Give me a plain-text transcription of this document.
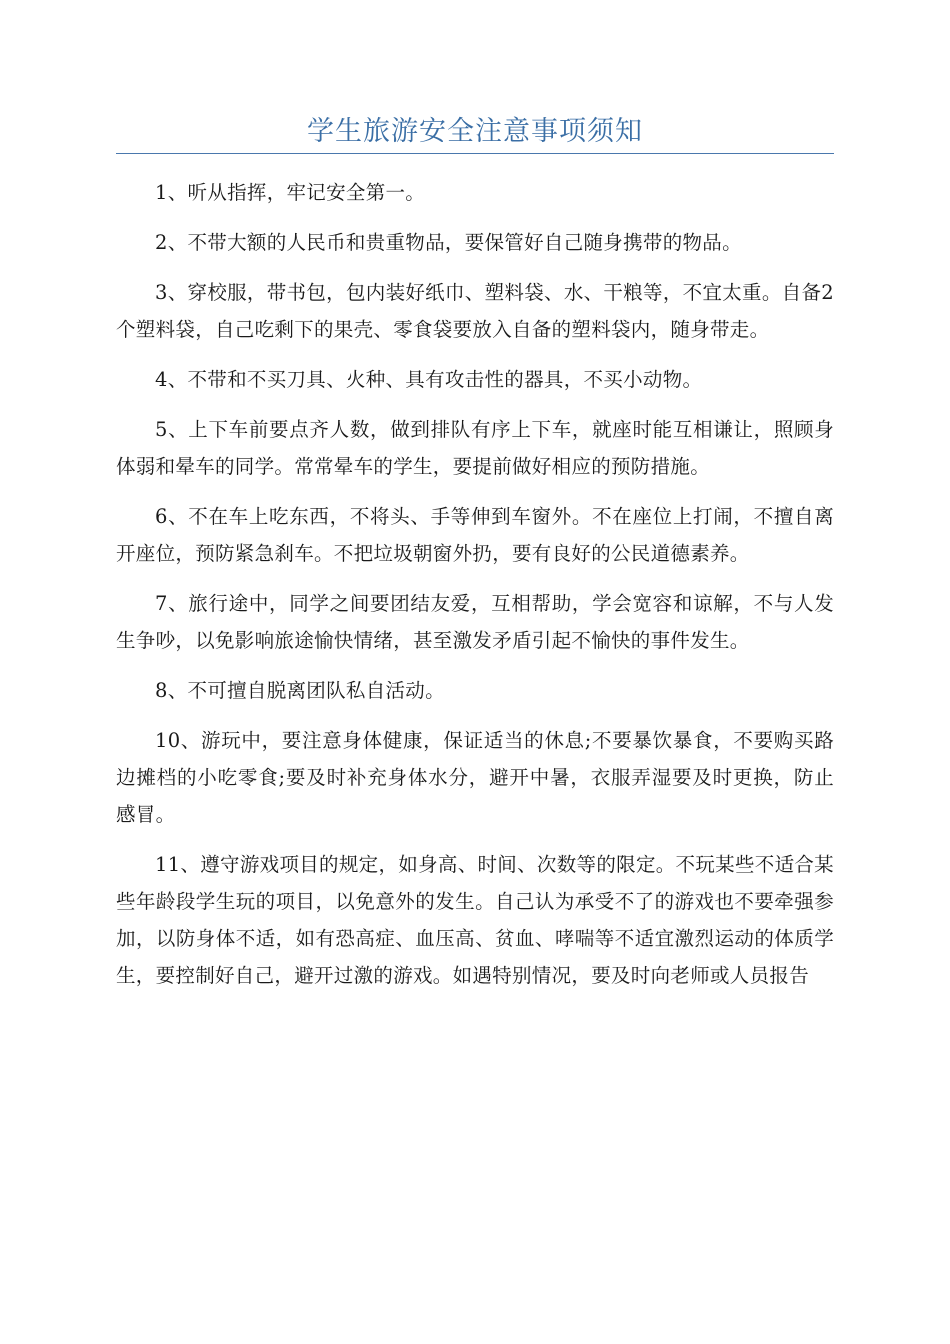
学生旅游安全注意事项须知

1、听从指挥，牢记安全第一。

2、不带大额的人民币和贵重物品，要保管好自己随身携带的物品。

3、穿校服，带书包，包内装好纸巾、塑料袋、水、干粮等，不宜太重。自备2个塑料袋，自己吃剩下的果壳、零食袋要放入自备的塑料袋内，随身带走。

4、不带和不买刀具、火种、具有攻击性的器具，不买小动物。

5、上下车前要点齐人数，做到排队有序上下车，就座时能互相谦让，照顾身体弱和晕车的同学。常常晕车的学生，要提前做好相应的预防措施。

6、不在车上吃东西，不将头、手等伸到车窗外。不在座位上打闹，不擅自离开座位，预防紧急刹车。不把垃圾朝窗外扔，要有良好的公民道德素养。

7、旅行途中，同学之间要团结友爱，互相帮助，学会宽容和谅解，不与人发生争吵，以免影响旅途愉快情绪，甚至激发矛盾引起不愉快的事件发生。

8、不可擅自脱离团队私自活动。

10、游玩中，要注意身体健康，保证适当的休息;不要暴饮暴食，不要购买路边摊档的小吃零食;要及时补充身体水分，避开中暑，衣服弄湿要及时更换，防止感冒。

11、遵守游戏项目的规定，如身高、时间、次数等的限定。不玩某些不适合某些年龄段学生玩的项目，以免意外的发生。自己认为承受不了的游戏也不要牵强参加，以防身体不适，如有恐高症、血压高、贫血、哮喘等不适宜激烈运动的体质学生，要控制好自己，避开过激的游戏。如遇特别情况，要及时向老师或人员报告
